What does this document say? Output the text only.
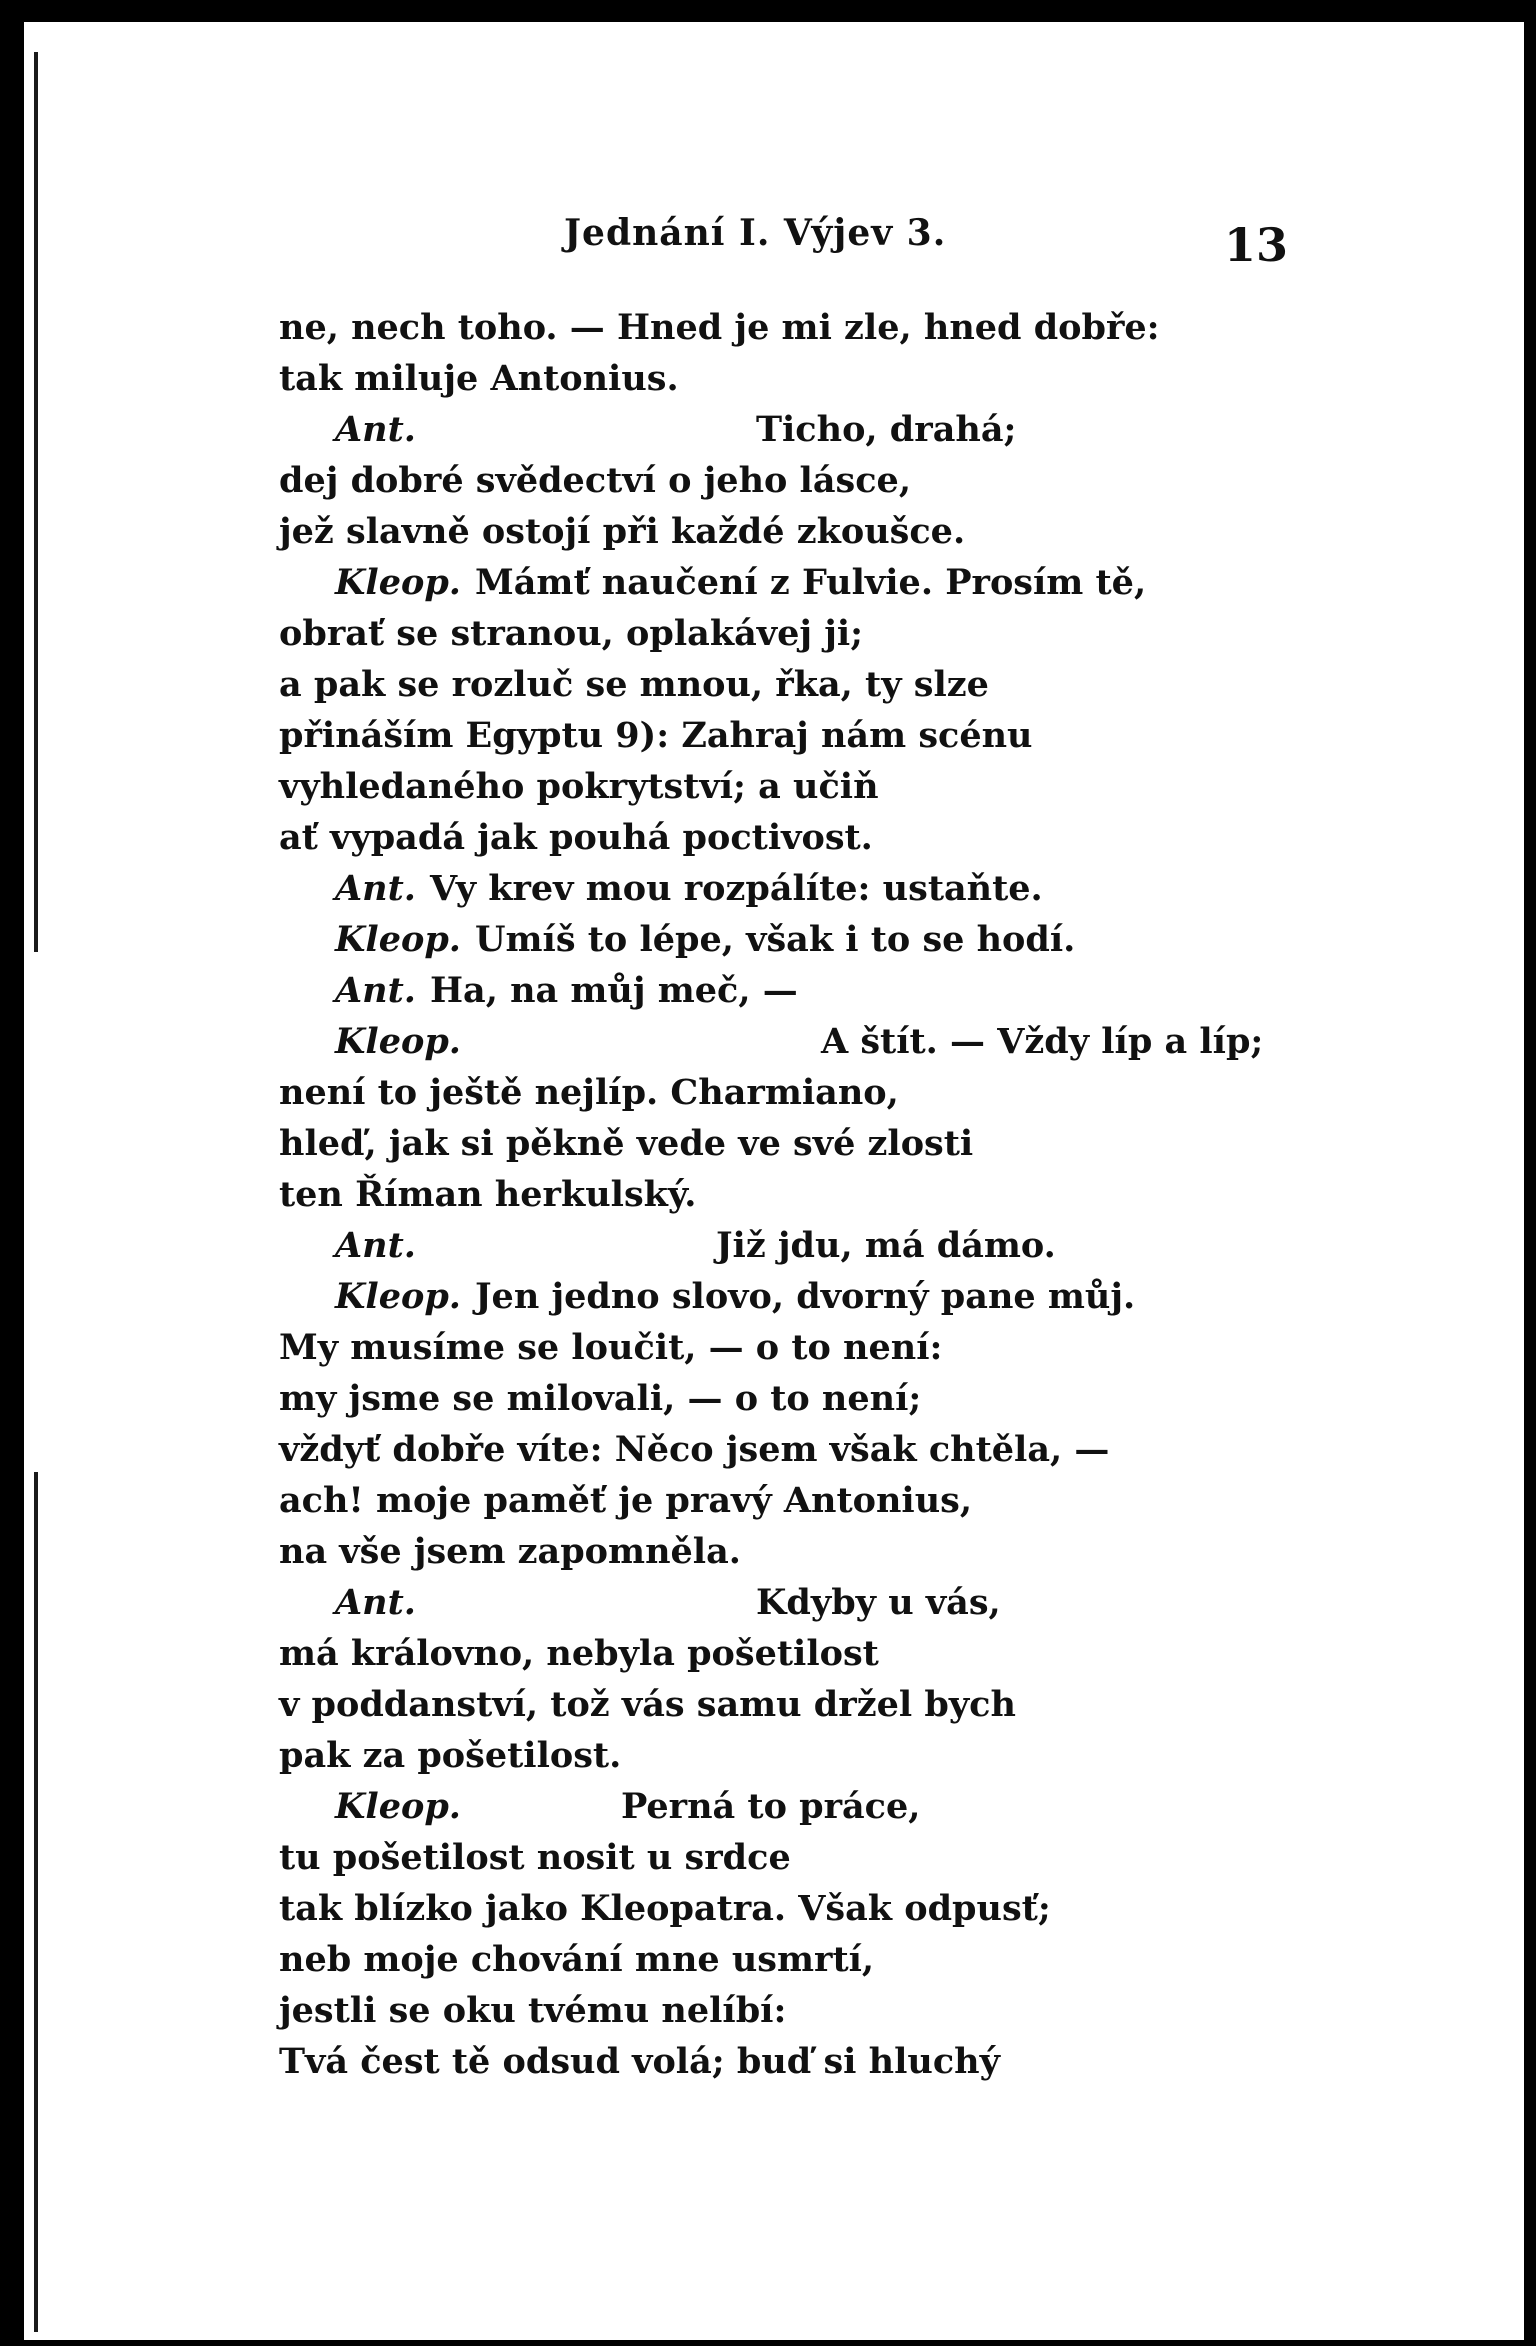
Jednání I. Výjev 3.	13
ne, nech toho. — Hned je mi zle, hned dobře:
tak miluje Antonius.
Ant.	Ticho, drahá;
dej dobré svědectví o jeho lásce,
jež slavně ostojí při každé zkoušce.
Kleop. Mámť naučení z Fulvie. Prosím tě,
obrať se stranou, oplakávej ji;
a pak se rozluč se mnou, řka, ty slze
přináším Egyptu 9): Zahraj nám scénu
vyhledaného pokrytství; a učiň
ať vypadá jak pouhá poctivost.
Ant. Vy krev mou rozpálíte: ustaňte.
Kleop. Umíš to lépe, však i to se hodí.
Ant. Ha, na můj meč, —
Kleop.	A štít. — Vždy líp a líp;
není to ještě nejlíp. Charmiano,
hleď, jak si pěkně vede ve své zlosti
ten Říman herkulský.
Ant.	Již jdu, má dámo.
Kleop. Jen jedno slovo, dvorný pane můj.
My musíme se loučit, — o to není:
my jsme se milovali, — o to není;
vždyť dobře víte: Něco jsem však chtěla, —
ach! moje paměť je pravý Antonius,
na vše jsem zapomněla.
Ant.	Kdyby u vás,
má královno, nebyla pošetilost
v poddanství, tož vás samu držel bych
pak za pošetilost.
Kleop.	Perná to práce,
tu pošetilost nosit u srdce
tak blízko jako Kleopatra. Však odpusť;
neb moje chování mne usmrtí,
jestli se oku tvému nelíbí:
Tvá čest tě odsud volá; buď si hluchý
